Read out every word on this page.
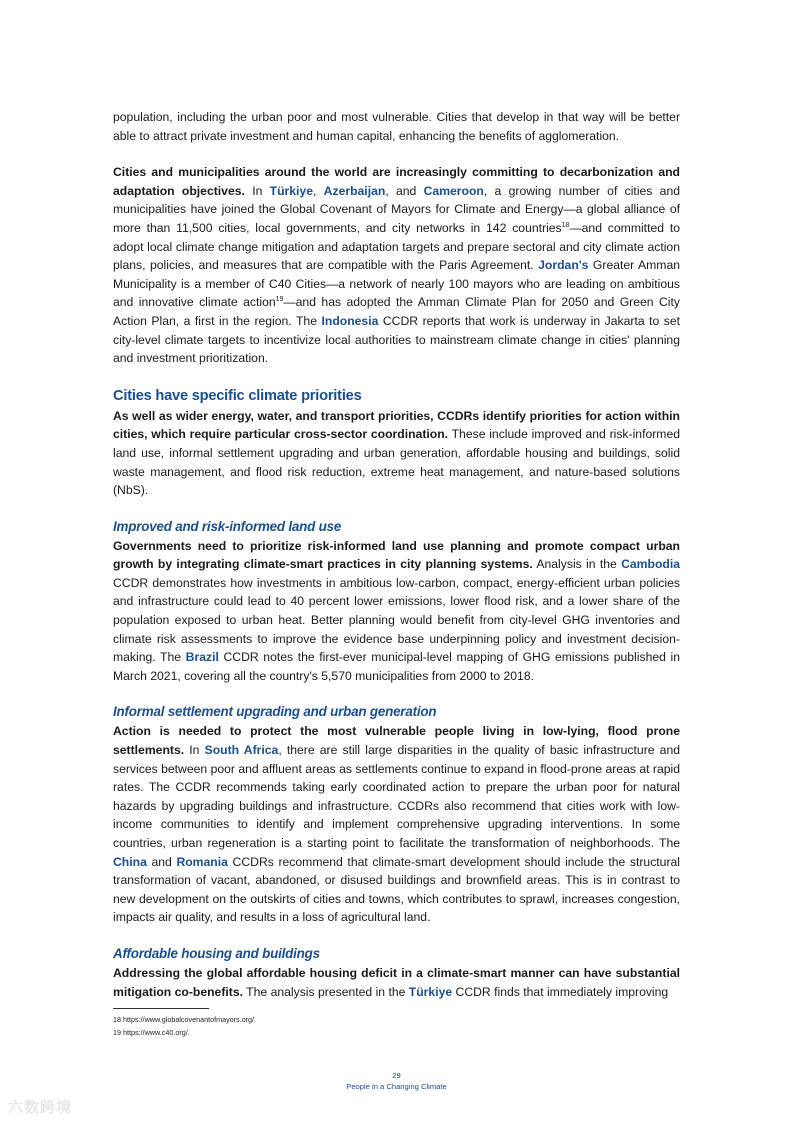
population, including the urban poor and most vulnerable. Cities that develop in that way will be better able to attract private investment and human capital, enhancing the benefits of agglomeration.

Cities and municipalities around the world are increasingly committing to decarbonization and adaptation objectives. In Türkiye, Azerbaijan, and Cameroon, a growing number of cities and municipalities have joined the Global Covenant of Mayors for Climate and Energy—a global alliance of more than 11,500 cities, local governments, and city networks in 142 countries$^{18}$—and committed to adopt local climate change mitigation and adaptation targets and prepare sectoral and city climate action plans, policies, and measures that are compatible with the Paris Agreement. Jordan's Greater Amman Municipality is a member of C40 Cities—a network of nearly 100 mayors who are leading on ambitious and innovative climate action$^{19}$—and has adopted the Amman Climate Plan for 2050 and Green City Action Plan, a first in the region. The Indonesia CCDR reports that work is underway in Jakarta to set city-level climate targets to incentivize local authorities to mainstream climate change in cities' planning and investment prioritization.

Cities have specific climate priorities

As well as wider energy, water, and transport priorities, CCDRs identify priorities for action within cities, which require particular cross-sector coordination. These include improved and risk-informed land use, informal settlement upgrading and urban generation, affordable housing and buildings, solid waste management, and flood risk reduction, extreme heat management, and nature-based solutions (NbS).

Improved and risk-informed land use

Governments need to prioritize risk-informed land use planning and promote compact urban growth by integrating climate-smart practices in city planning systems. Analysis in the Cambodia CCDR demonstrates how investments in ambitious low-carbon, compact, energy-efficient urban policies and infrastructure could lead to 40 percent lower emissions, lower flood risk, and a lower share of the population exposed to urban heat. Better planning would benefit from city-level GHG inventories and climate risk assessments to improve the evidence base underpinning policy and investment decision-making. The Brazil CCDR notes the first-ever municipal-level mapping of GHG emissions published in March 2021, covering all the country's 5,570 municipalities from 2000 to 2018.

Informal settlement upgrading and urban generation

Action is needed to protect the most vulnerable people living in low-lying, flood prone settlements. In South Africa, there are still large disparities in the quality of basic infrastructure and services between poor and affluent areas as settlements continue to expand in flood-prone areas at rapid rates. The CCDR recommends taking early coordinated action to prepare the urban poor for natural hazards by upgrading buildings and infrastructure. CCDRs also recommend that cities work with low-income communities to identify and implement comprehensive upgrading interventions. In some countries, urban regeneration is a starting point to facilitate the transformation of neighborhoods. The China and Romania CCDRs recommend that climate-smart development should include the structural transformation of vacant, abandoned, or disused buildings and brownfield areas. This is in contrast to new development on the outskirts of cities and towns, which contributes to sprawl, increases congestion, impacts air quality, and results in a loss of agricultural land.

Affordable housing and buildings

Addressing the global affordable housing deficit in a climate-smart manner can have substantial mitigation co-benefits. The analysis presented in the Türkiye CCDR finds that immediately improving

18 https://www.globalcovenantofmayors.org/.
19 https://www.c40.org/.
29
People in a Changing Climate
六数跨境
